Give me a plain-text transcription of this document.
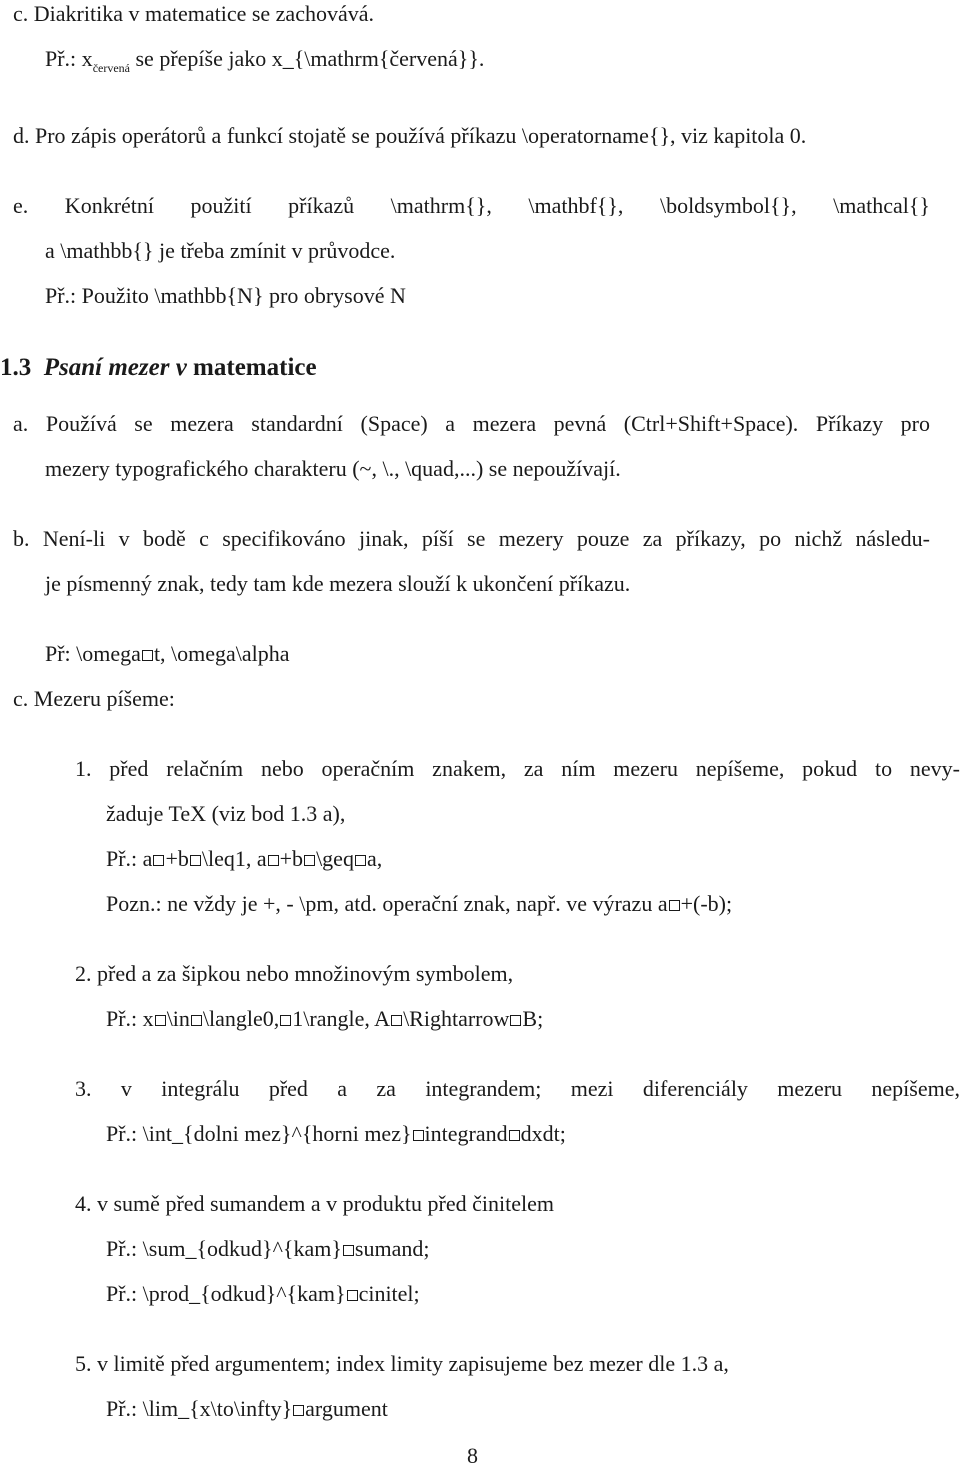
c. Diakritika v matematice se zachovává.
Př.: $x_{červená}$ se přepíše jako x_{\mathrm{červená}}.
d. Pro zápis operátorů a funkcí stojatě se používá příkazu \operatorname{}, viz kapitola 0.
e. Konkrétní použití příkazů \mathrm{}, \mathbf{}, \boldsymbol{}, \mathcal{}
a \mathbb{} je třeba zmínit v průvodce.
Př.: Použito \mathbb{N} pro obrysové N
1.3 Psaní mezer v matematice
a. Používá se mezera standardní (Space) a mezera pevná (Ctrl+Shift+Space). Příkazy pro
mezery typografického charakteru (~, \., \quad,...) se nepoužívají.
b. Není-li v bodě c specifikováno jinak, píší se mezery pouze za příkazy, po nichž následu-
je písmenný znak, tedy tam kde mezera slouží k ukončení příkazu.
Př: \omega t, \omega\alpha
c. Mezeru píšeme:
1. před relačním nebo operačním znakem, za ním mezeru nepíšeme, pokud to nevy-
žaduje TeX (viz bod 1.3 a),
Př.: a +b \leq1, a +b \geq a,
Pozn.: ne vždy je +, - \pm, atd. operační znak, např. ve výrazu a +(-b);
2. před a za šipkou nebo množinovým symbolem,
Př.: x \in \langle0, 1\rangle, A \Rightarrow B;
3. v integrálu před a za integrandem; mezi diferenciály mezeru nepíšeme,
Př.: \int_{dolni mez}^{horni mez} integrand dxdt;
4. v sumě před sumandem a v produktu před činitelem
Př.: \sum_{odkud}^{kam} sumand;
Př.: \prod_{odkud}^{kam} cinitel;
5. v limitě před argumentem; index limity zapisujeme bez mezer dle 1.3 a,
Př.: \lim_{x\to\infty} argument
8
